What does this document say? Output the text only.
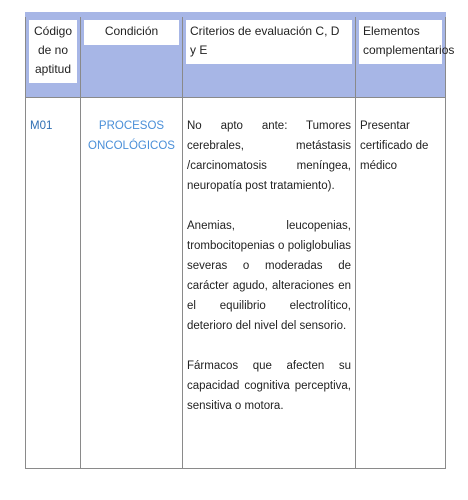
Código de no aptitud	Condición	Criterios de evaluación C, D y E	Elementos complementarios

M01	PROCESOS ONCOLÓGICOS	No apto ante: Tumores cerebrales, metástasis /carcinomatosis meníngea, neuropatía post tratamiento).

Anemias, leucopenias, trombocitopenias o poliglobulias severas o moderadas de carácter agudo, alteraciones en el equilibrio electrolítico, deterioro del nivel del sensorio.

Fármacos que afecten su capacidad cognitiva perceptiva, sensitiva o motora.	Presentar certificado de médico
